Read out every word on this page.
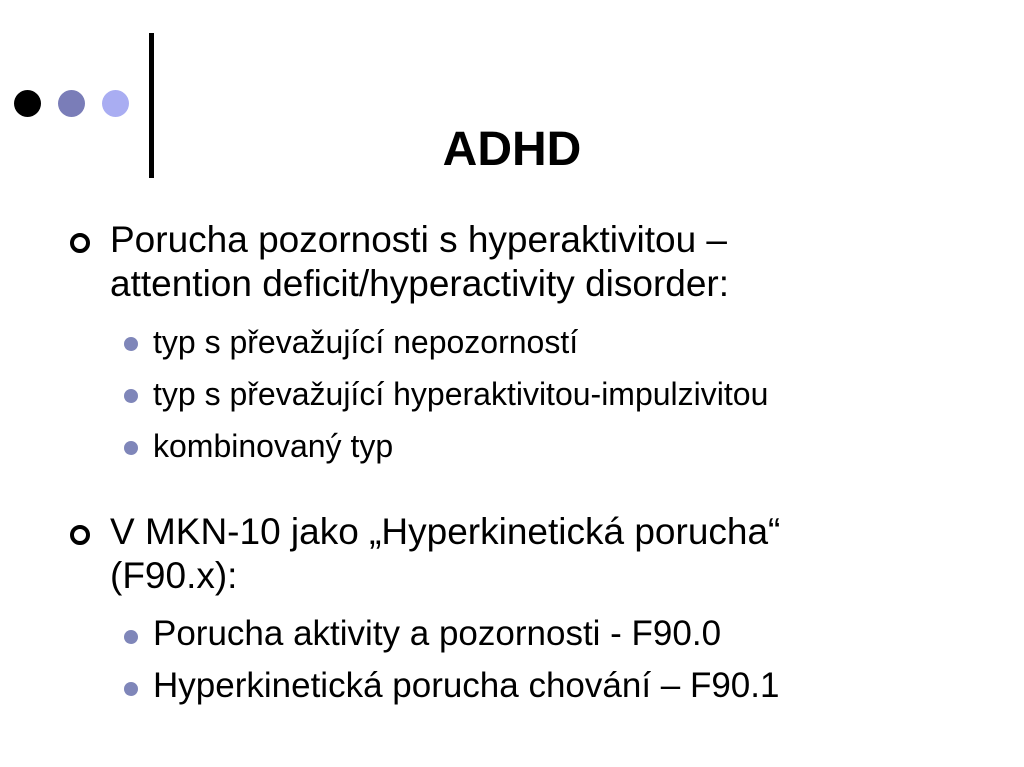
ADHD
Porucha pozornosti s hyperaktivitou –
attention deficit/hyperactivity disorder:
typ s převažující nepozorností
typ s převažující hyperaktivitou-impulzivitou
kombinovaný typ
V MKN-10 jako „Hyperkinetická porucha“
(F90.x):
Porucha aktivity a pozornosti - F90.0
Hyperkinetická porucha chování – F90.1
